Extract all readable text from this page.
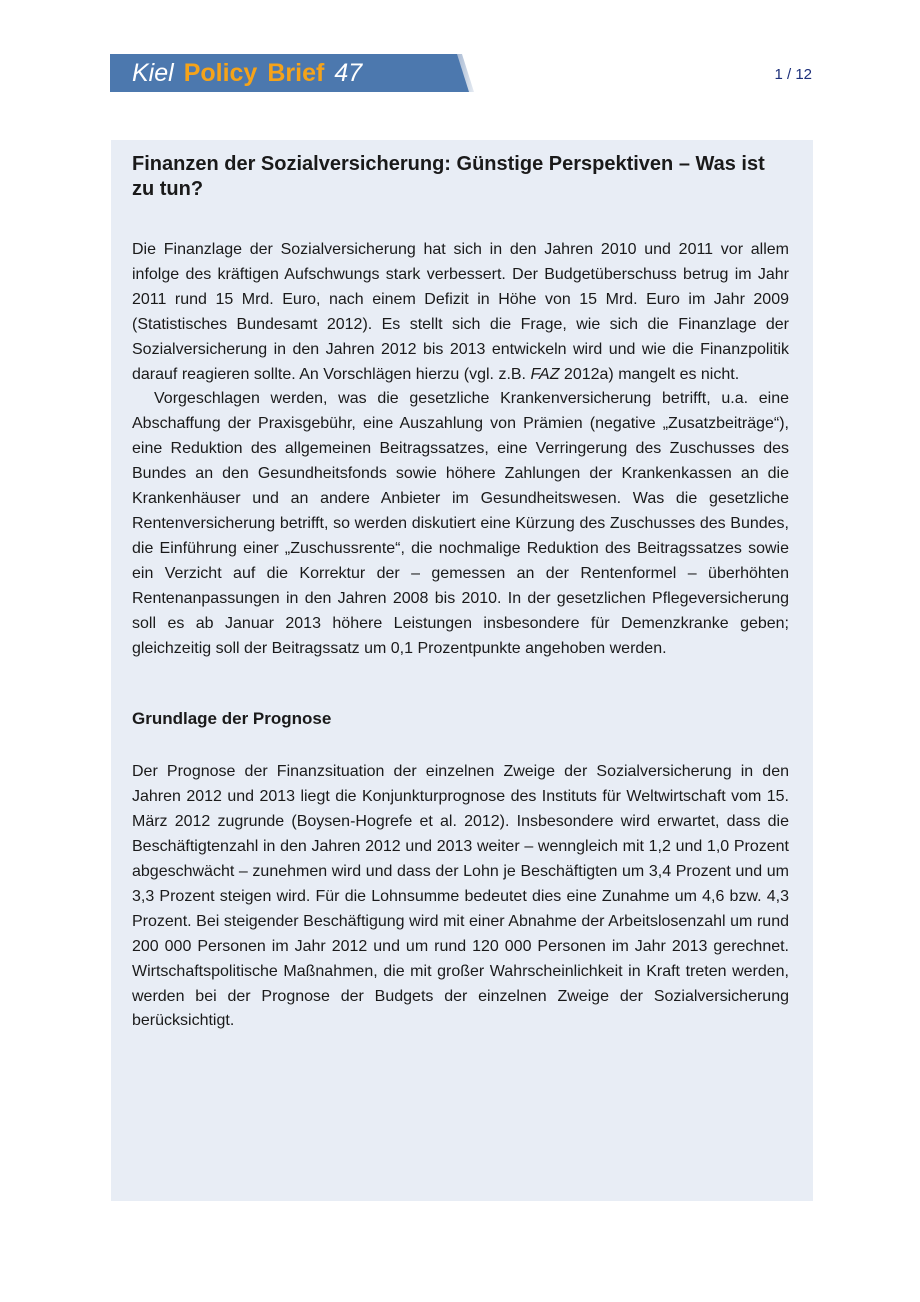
Kiel Policy Brief 47	1 / 12
Finanzen der Sozialversicherung: Günstige Perspektiven – Was ist zu tun?

Die Finanzlage der Sozialversicherung hat sich in den Jahren 2010 und 2011 vor allem infolge des kräftigen Aufschwungs stark verbessert. Der Budgetüberschuss betrug im Jahr 2011 rund 15 Mrd. Euro, nach einem Defizit in Höhe von 15 Mrd. Euro im Jahr 2009 (Statistisches Bundesamt 2012). Es stellt sich die Frage, wie sich die Finanzlage der Sozialversicherung in den Jahren 2012 bis 2013 entwickeln wird und wie die Finanzpolitik darauf reagieren sollte. An Vorschlägen hierzu (vgl. z.B. FAZ 2012a) mangelt es nicht.

Vorgeschlagen werden, was die gesetzliche Krankenversicherung betrifft, u.a. eine Abschaffung der Praxisgebühr, eine Auszahlung von Prämien (negative „Zusatzbeiträge“), eine Reduktion des allgemeinen Beitragssatzes, eine Verringerung des Zuschusses des Bundes an den Gesundheitsfonds sowie höhere Zahlungen der Krankenkassen an die Krankenhäuser und an andere Anbieter im Gesundheitswesen. Was die gesetzliche Rentenversicherung betrifft, so werden diskutiert eine Kürzung des Zuschusses des Bundes, die Einführung einer „Zuschussrente“, die nochmalige Reduktion des Beitragssatzes sowie ein Verzicht auf die Korrektur der – gemessen an der Rentenformel – überhöhten Rentenanpassungen in den Jahren 2008 bis 2010. In der gesetzlichen Pflegeversicherung soll es ab Januar 2013 höhere Leistungen insbesondere für Demenzkranke geben; gleichzeitig soll der Beitragssatz um 0,1 Prozentpunkte angehoben werden.

Grundlage der Prognose

Der Prognose der Finanzsituation der einzelnen Zweige der Sozialversicherung in den Jahren 2012 und 2013 liegt die Konjunkturprognose des Instituts für Weltwirtschaft vom 15. März 2012 zugrunde (Boysen-Hogrefe et al. 2012). Insbesondere wird erwartet, dass die Beschäftigtenzahl in den Jahren 2012 und 2013 weiter – wenngleich mit 1,2 und 1,0 Prozent abgeschwächt – zunehmen wird und dass der Lohn je Beschäftigten um 3,4 Prozent und um 3,3 Prozent steigen wird. Für die Lohnsumme bedeutet dies eine Zunahme um 4,6 bzw. 4,3 Prozent. Bei steigender Beschäftigung wird mit einer Abnahme der Arbeitslosenzahl um rund 200 000 Personen im Jahr 2012 und um rund 120 000 Personen im Jahr 2013 gerechnet. Wirtschaftspolitische Maßnahmen, die mit großer Wahrscheinlichkeit in Kraft treten werden, werden bei der Prognose der Budgets der einzelnen Zweige der Sozialversicherung berücksichtigt.
